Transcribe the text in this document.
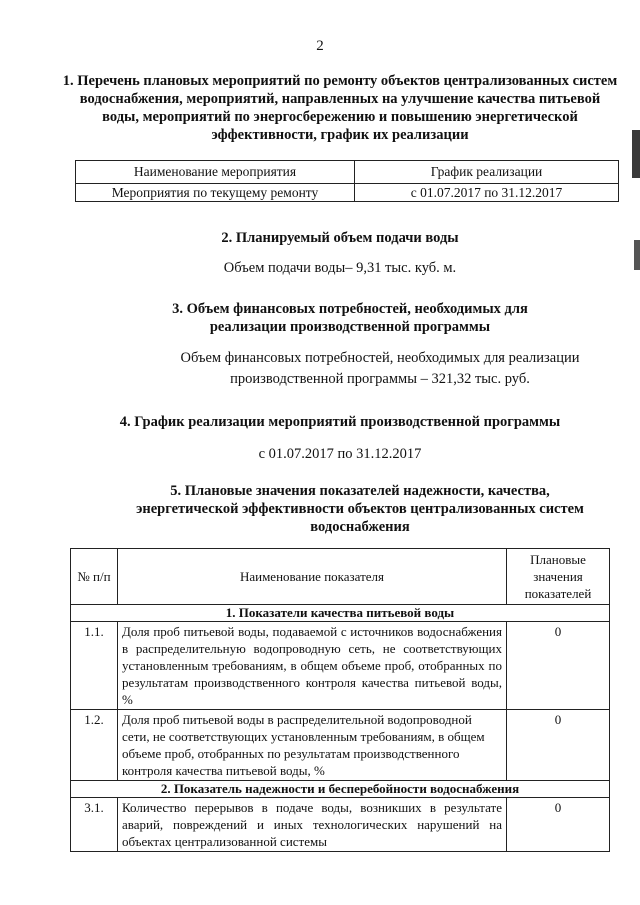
2
1. Перечень плановых мероприятий по ремонту объектов централизованных систем водоснабжения, мероприятий, направленных на улучшение качества питьевой воды, мероприятий по энергосбережению и повышению энергетической эффективности, график их реализации
Наименование мероприятия	График реализации
Мероприятия по текущему ремонту	с 01.07.2017 по 31.12.2017
2. Планируемый объем подачи воды
Объем подачи воды– 9,31 тыс. куб. м.
3. Объем финансовых потребностей, необходимых для реализации производственной программы
Объем финансовых потребностей, необходимых для реализации производственной программы – 321,32 тыс. руб.
4. График реализации мероприятий производственной программы
с 01.07.2017 по 31.12.2017
5. Плановые значения показателей надежности, качества, энергетической эффективности объектов централизованных систем водоснабжения
№ п/п	Наименование показателя	Плановые значения показателей
1. Показатели качества питьевой воды		
1.1.	Доля проб питьевой воды, подаваемой с источников водоснабжения в распределительную водопроводную сеть, не соответствующих установленным требованиям, в общем объеме проб, отобранных по результатам производственного контроля качества питьевой воды, %	0
1.2.	Доля проб питьевой воды в распределительной водопроводной сети, не соответствующих установленным требованиям, в общем объеме проб, отобранных по результатам производственного контроля качества питьевой воды, %	0
2. Показатель надежности и бесперебойности водоснабжения		
3.1.	Количество перерывов в подаче воды, возникших в результате аварий, повреждений и иных технологических нарушений на объектах централизованной системы	0
